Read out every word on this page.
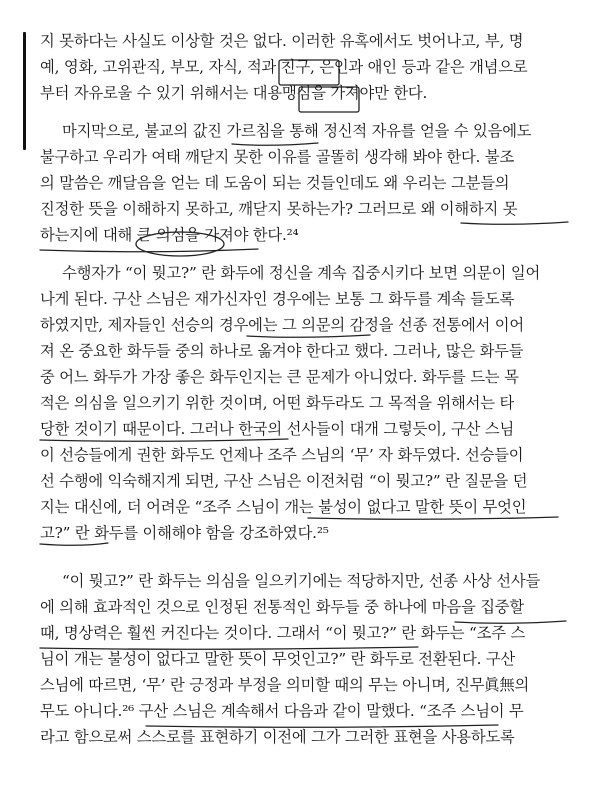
지 못하다는 사실도 이상할 것은 없다. 이러한 유혹에서도 벗어나고, 부, 명
예, 영화, 고위관직, 부모, 자식, 적과 친구, 은인과 애인 등과 같은 개념으로
부터 자유로울 수 있기 위해서는 대용맹심을 가져야만 한다.
마지막으로, 불교의 값진 가르침을 통해 정신적 자유를 얻을 수 있음에도
불구하고 우리가 여태 깨닫지 못한 이유를 골똘히 생각해 봐야 한다. 불조
의 말씀은 깨달음을 얻는 데 도움이 되는 것들인데도 왜 우리는 그분들의
진정한 뜻을 이해하지 못하고, 깨닫지 못하는가? 그러므로 왜 이해하지 못
하는지에 대해 큰 의심을 가져야 한다.²⁴
수행자가 “이 뭣고?” 란 화두에 정신을 계속 집중시키다 보면 의문이 일어
나게 된다. 구산 스님은 재가신자인 경우에는 보통 그 화두를 계속 들도록
하였지만, 제자들인 선승의 경우에는 그 의문의 감정을 선종 전통에서 이어
져 온 중요한 화두들 중의 하나로 옮겨야 한다고 했다. 그러나, 많은 화두들
중 어느 화두가 가장 좋은 화두인지는 큰 문제가 아니었다. 화두를 드는 목
적은 의심을 일으키기 위한 것이며, 어떤 화두라도 그 목적을 위해서는 타
당한 것이기 때문이다. 그러나 한국의 선사들이 대개 그렇듯이, 구산 스님
이 선승들에게 권한 화두도 언제나 조주 스님의 ‘무’ 자 화두였다. 선승들이
선 수행에 익숙해지게 되면, 구산 스님은 이전처럼 “이 뭣고?” 란 질문을 던
지는 대신에, 더 어려운 “조주 스님이 개는 불성이 없다고 말한 뜻이 무엇인
고?” 란 화두를 이해해야 함을 강조하였다.²⁵
“이 뭣고?” 란 화두는 의심을 일으키기에는 적당하지만, 선종 사상 선사들
에 의해 효과적인 것으로 인정된 전통적인 화두들 중 하나에 마음을 집중할
때, 명상력은 훨씬 커진다는 것이다. 그래서 “이 뭣고?” 란 화두는 “조주 스
님이 개는 불성이 없다고 말한 뜻이 무엇인고?” 란 화두로 전환된다. 구산
스님에 따르면, ‘무’ 란 긍정과 부정을 의미할 때의 무는 아니며, 진무眞無의
무도 아니다.²⁶ 구산 스님은 계속해서 다음과 같이 말했다. “조주 스님이 무
라고 함으로써 스스로를 표현하기 이전에 그가 그러한 표현을 사용하도록
